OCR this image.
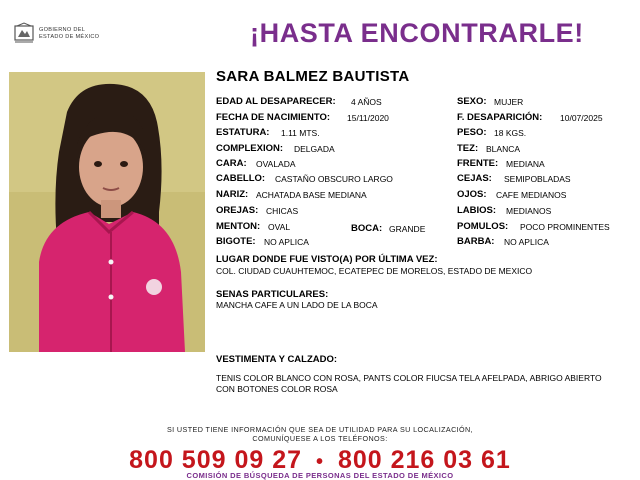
GOBIERNO DEL
ESTADO DE MÉXICO	¡HASTA ENCONTRARLE!
SARA BALMEZ BAUTISTA
EDAD AL DESAPARECER: 4 AÑOS
FECHA DE NACIMIENTO: 15/11/2020
ESTATURA: 1.11 MTS.
COMPLEXION: DELGADA
CARA: OVALADA
CABELLO: CASTAÑO OBSCURO LARGO
NARIZ: ACHATADA BASE MEDIANA
OREJAS: CHICAS
MENTON: OVAL	BOCA: GRANDE
BIGOTE: NO APLICA
SEXO: MUJER
F. DESAPARICIÓN: 10/07/2025
PESO: 18 KGS.
TEZ: BLANCA
FRENTE: MEDIANA
CEJAS: SEMIPOBLADAS
OJOS: CAFE MEDIANOS
LABIOS: MEDIANOS
POMULOS: POCO PROMINENTES
BARBA: NO APLICA
LUGAR DONDE FUE VISTO(A) POR ÚLTIMA VEZ:
COL. CIUDAD CUAUHTEMOC, ECATEPEC DE MORELOS, ESTADO DE MEXICO
SENAS PARTICULARES:
MANCHA CAFE A UN LADO DE LA BOCA
VESTIMENTA Y CALZADO:
TENIS COLOR BLANCO CON ROSA, PANTS COLOR FIUCSA TELA AFELPADA, ABRIGO ABIERTO CON BOTONES COLOR ROSA
SI USTED TIENE INFORMACIÓN QUE SEA DE UTILIDAD PARA SU LOCALIZACIÓN,
COMUNÍQUESE A LOS TELÉFONOS:
800 509 09 27 • 800 216 03 61
COMISIÓN DE BÚSQUEDA DE PERSONAS DEL ESTADO DE MÉXICO
